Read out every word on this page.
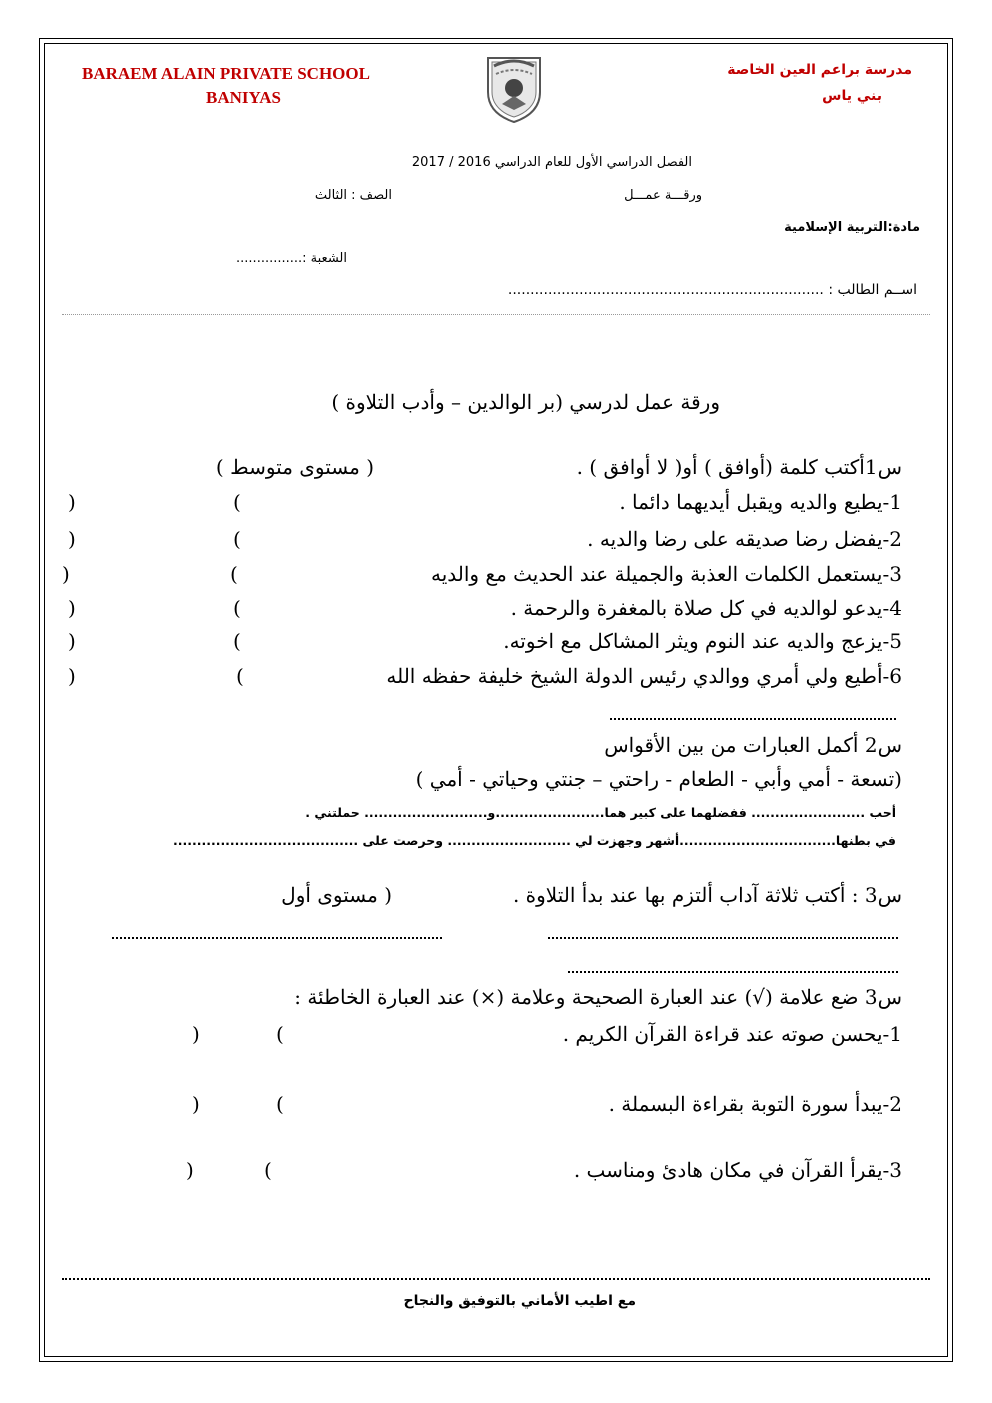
BARAEM ALAIN PRIVATE SCHOOL
BANIYAS
مدرسة براعم العين الخاصة
بني ياس
الفصل الدراسي الأول للعام الدراسي 2016 / 2017
ورقـــة عمـــل
الصف : الثالث
مادة:التربية الإسلامية
الشعبة :................
اســم الطالب : .......................................................................
ورقة عمل لدرسي (بر الوالدين – وأدب التلاوة )
س1أكتب كلمة (أوافق ) أو( لا أوافق ) .
( مستوى متوسط )
1-يطيع والديه ويقبل أيديهما دائما .
2-يفضل رضا صديقه على رضا والديه .
3-يستعمل الكلمات العذبة والجميلة عند الحديث مع والديه
4-يدعو لوالديه في كل صلاة بالمغفرة والرحمة .
5-يزعج والديه عند النوم ويثر المشاكل مع اخوته.
6-أطيع ولي أمري ووالدي رئيس الدولة الشيخ خليفة حفظه الله
(
)
(
)
(
)
(
)
(
)
(
)
س2 أكمل العبارات من بين الأقواس
(تسعة - أمي وأبي - الطعام - راحتي – جنتي وحياتي - أمي )
أحب ........................ ففضلهما على كبير هما.......................و.......................... حملتني .
في بطنها.................................أشهر وجهزت لي .......................... وحرصت على .......................................
س3 : أكتب ثلاثة آداب ألتزم بها عند بدأ التلاوة .
( مستوى أول
س3 ضع علامة (√) عند العبارة الصحيحة وعلامة (×) عند العبارة الخاطئة :
1-يحسن صوته عند قراءة القرآن الكريم .
2-يبدأ سورة التوبة بقراءة البسملة .
3-يقرأ القرآن في مكان هادئ ومناسب .
(
)
(
)
(
)
مع اطيب الأماني بالتوفيق والنجاح
